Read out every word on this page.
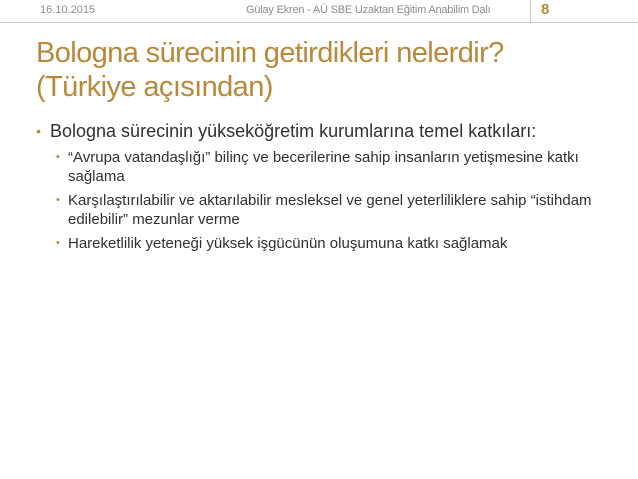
16.10.2015	Gülay Ekren - AÜ SBE Uzaktan Eğitim Anabilim Dalı	8
Bologna sürecinin getirdikleri nelerdir?
(Türkiye açısından)
• Bologna sürecinin yükseköğretim kurumlarına temel katkıları:
• “Avrupa vatandaşlığı” bilinç ve becerilerine sahip insanların yetişmesine katkı sağlama
• Karşılaştırılabilir ve aktarılabilir mesleksel ve genel yeterliliklere sahip “istihdam edilebilir” mezunlar verme
• Hareketlilik yeteneği yüksek işgücünün oluşumuna katkı sağlamak
